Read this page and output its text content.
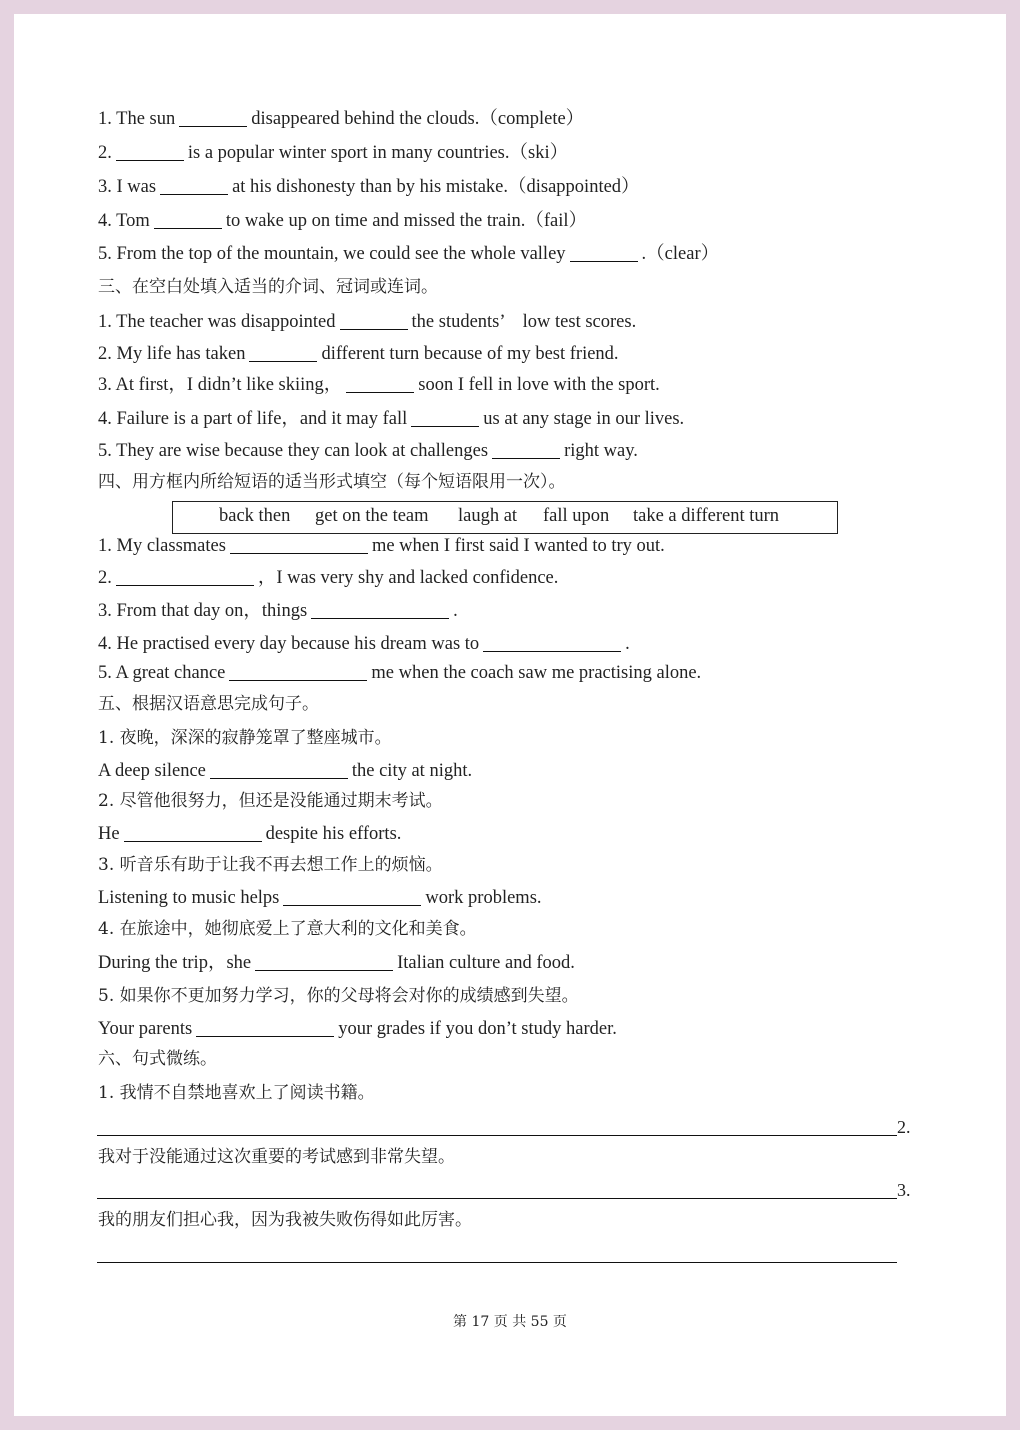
1. The sun	disappeared behind the clouds.（complete）
2.	is a popular winter sport in many countries.（ski）
3. I was	at his dishonesty than by his mistake.（disappointed）
4. Tom	to wake up on time and missed the train.（fail）
5. From the top of the mountain, we could see the whole valley	.（clear）
三、在空白处填入适当的介词、冠词或连词。
1. The teacher was disappointed	the students’　low test scores.
2. My life has taken	different turn because of my best friend.
3. At first，I didn’t like skiing，	soon I fell in love with the sport.
4. Failure is a part of life，and it may fall	us at any stage in our lives.
5. They are wise because they can look at challenges	right way.
四、用方框内所给短语的适当形式填空（每个短语限用一次）。
back then get on the team laugh at fall upon take a different turn
1. My classmates	me when I first said I wanted to try out.
2.	，I was very shy and lacked confidence.
3. From that day on，things	.
4. He practised every day because his dream was to	.
5. A great chance	me when the coach saw me practising alone.
五、根据汉语意思完成句子。
1. 夜晚，深深的寂静笼罩了整座城市。
A deep silence	the city at night.
2. 尽管他很努力，但还是没能通过期末考试。
He	despite his efforts.
3. 听音乐有助于让我不再去想工作上的烦恼。
Listening to music helps	work problems.
4. 在旅途中，她彻底爱上了意大利的文化和美食。
During the trip，she	Italian culture and food.
5. 如果你不更加努力学习，你的父母将会对你的成绩感到失望。
Your parents	your grades if you don’t study harder.
六、句式微练。
1. 我情不自禁地喜欢上了阅读书籍。
2.
我对于没能通过这次重要的考试感到非常失望。
3.
我的朋友们担心我，因为我被失败伤得如此厉害。
第 17 页 共 55 页
